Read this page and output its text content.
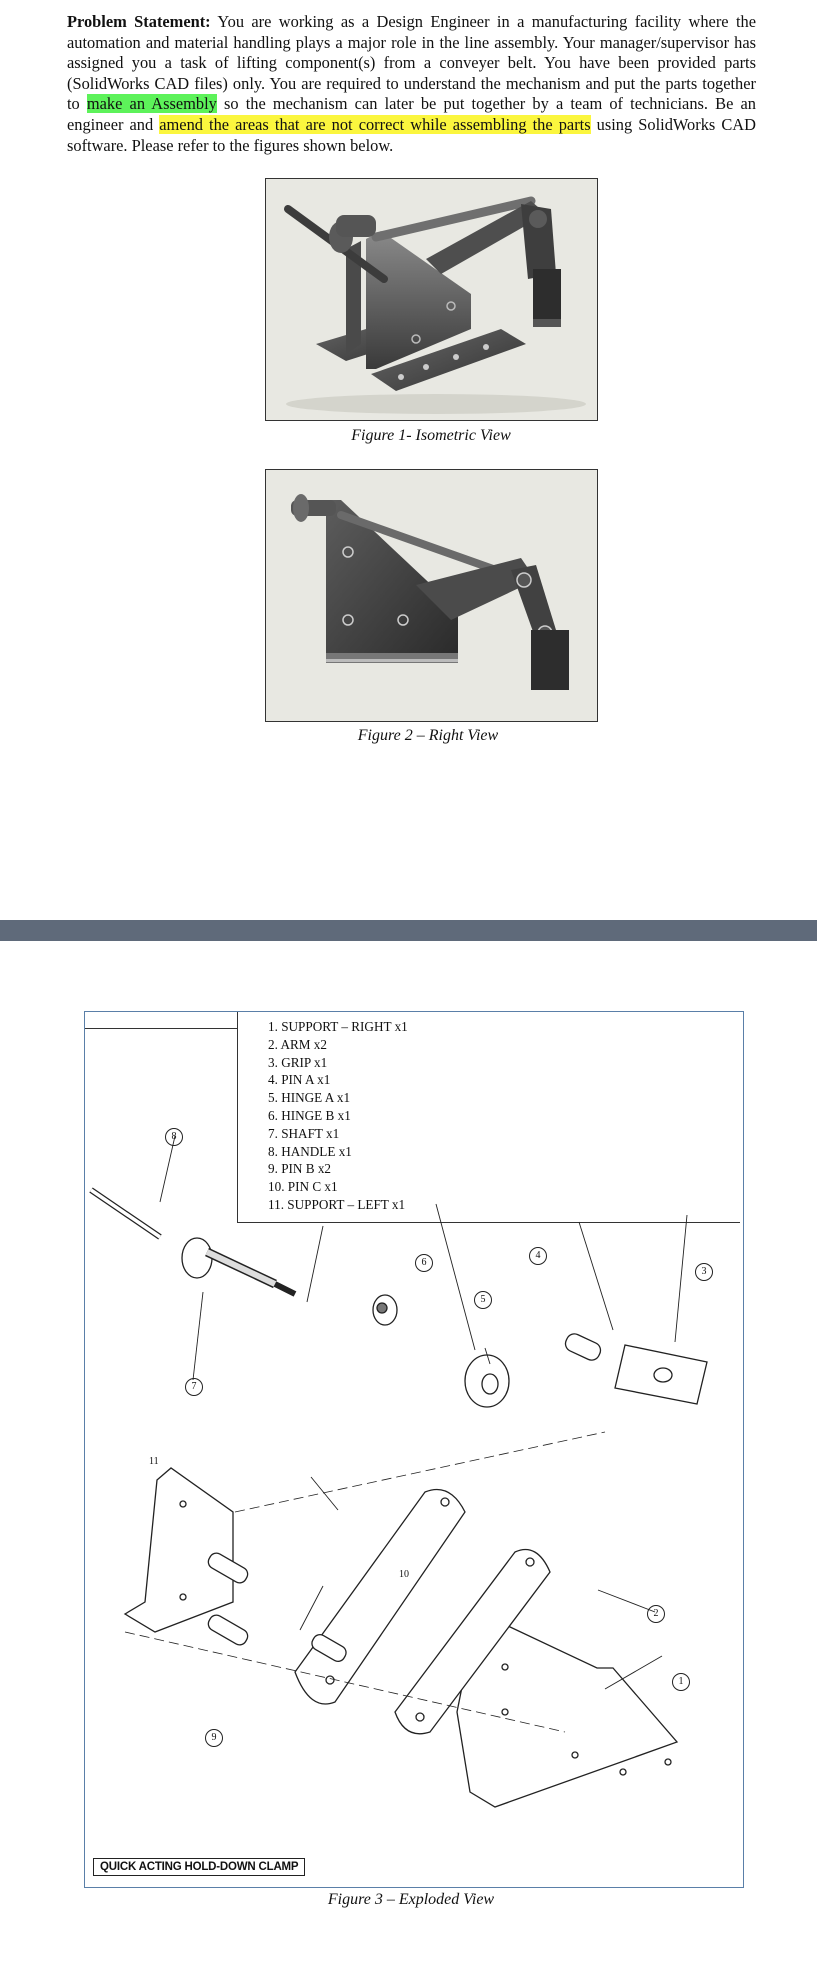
Problem Statement: You are working as a Design Engineer in a manufacturing facility where the automation and material handling plays a major role in the line assembly. Your manager/supervisor has assigned you a task of lifting component(s) from a conveyer belt. You have been provided parts (SolidWorks CAD files) only. You are required to understand the mechanism and put the parts together to make an Assembly so the mechanism can later be put together by a team of technicians. Be an engineer and amend the areas that are not correct while assembling the parts using SolidWorks CAD software. Please refer to the figures shown below.
Figure 1- Isometric View
Figure 2 – Right View
1. SUPPORT – RIGHT x1
2. ARM x2
3. GRIP x1
4. PIN A x1
5. HINGE A x1
6. HINGE B x1
7. SHAFT x1
8. HANDLE x1
9. PIN B x2
10. PIN C x1
11. SUPPORT – LEFT x1
8
7
6
5
4
3
2
1
9
10
11
QUICK ACTING HOLD-DOWN CLAMP
Figure 3 – Exploded View
